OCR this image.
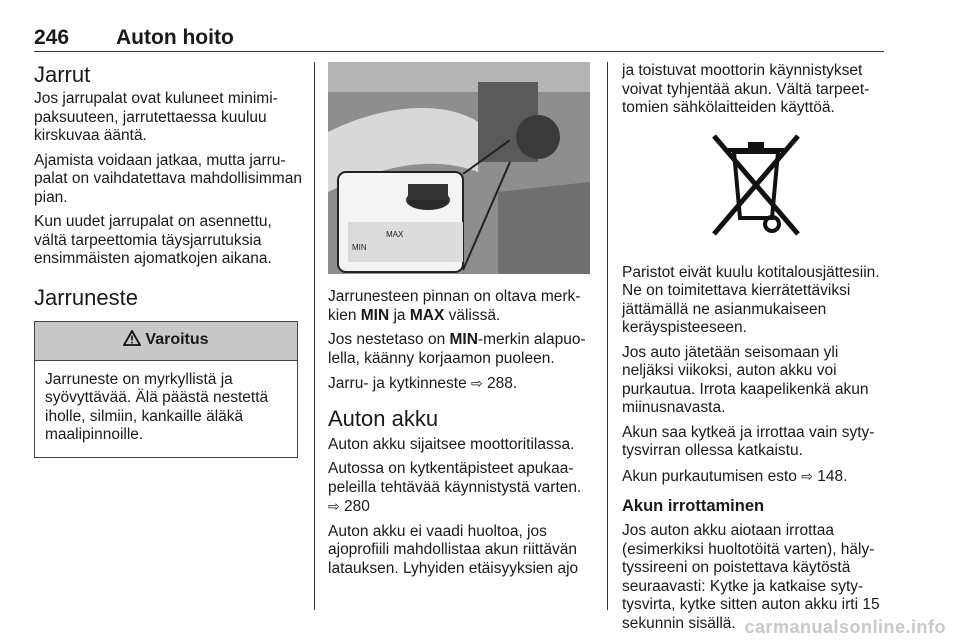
246 Auton hoito
Jarrut

Jos jarrupalat ovat kuluneet minimipaksuuteen, jarrutettaessa kuuluu kirskuvaa ääntä.

Ajamista voidaan jatkaa, mutta jarrupalat on vaihdatettava mahdollisimman pian.

Kun uudet jarrupalat on asennettu, vältä tarpeettomia täysjarrutuksia ensimmäisten ajomatkojen aikana.

Jarruneste
Varoitus
Jarruneste on myrkyllistä ja syövyttävää. Älä päästä nestettä iholle, silmiin, kankaille äläkä maalipinnoille.
MAX
MIN

Jarrunesteen pinnan on oltava merkkien MIN ja MAX välissä.

Jos nestetaso on MIN-merkin alapuolella, käänny korjaamon puoleen.

Jarru- ja kytkinneste ⇨ 288.

Auton akku

Auton akku sijaitsee moottoritilassa.

Autossa on kytkentäpisteet apukaapeleilla tehtävää käynnistystä varten.
⇨ 280

Auton akku ei vaadi huoltoa, jos ajoprofiili mahdollistaa akun riittävän latauksen. Lyhyiden etäisyyksien ajo

ja toistuvat moottorin käynnistykset voivat tyhjentää akun. Vältä tarpeettomien sähkölaitteiden käyttöä.

Paristot eivät kuulu kotitalousjättesiin. Ne on toimitettava kierrätettäviksi jättämällä ne asianmukaiseen keräyspisteeseen.

Jos auto jätetään seisomaan yli neljäksi viikoksi, auton akku voi purkautua. Irrota kaapelikenkä akun miinusnavasta.

Akun saa kytkeä ja irrottaa vain sytytysvirran ollessa katkaistu.

Akun purkautumisen esto ⇨ 148.

Akun irrottaminen

Jos auton akku aiotaan irrottaa (esimerkiksi huoltotöitä varten), hälytyssireeni on poistettava käytöstä seuraavasti: Kytke ja katkaise sytytysvirta, kytke sitten auton akku irti 15 sekunnin sisällä. carmanualsonline.info
